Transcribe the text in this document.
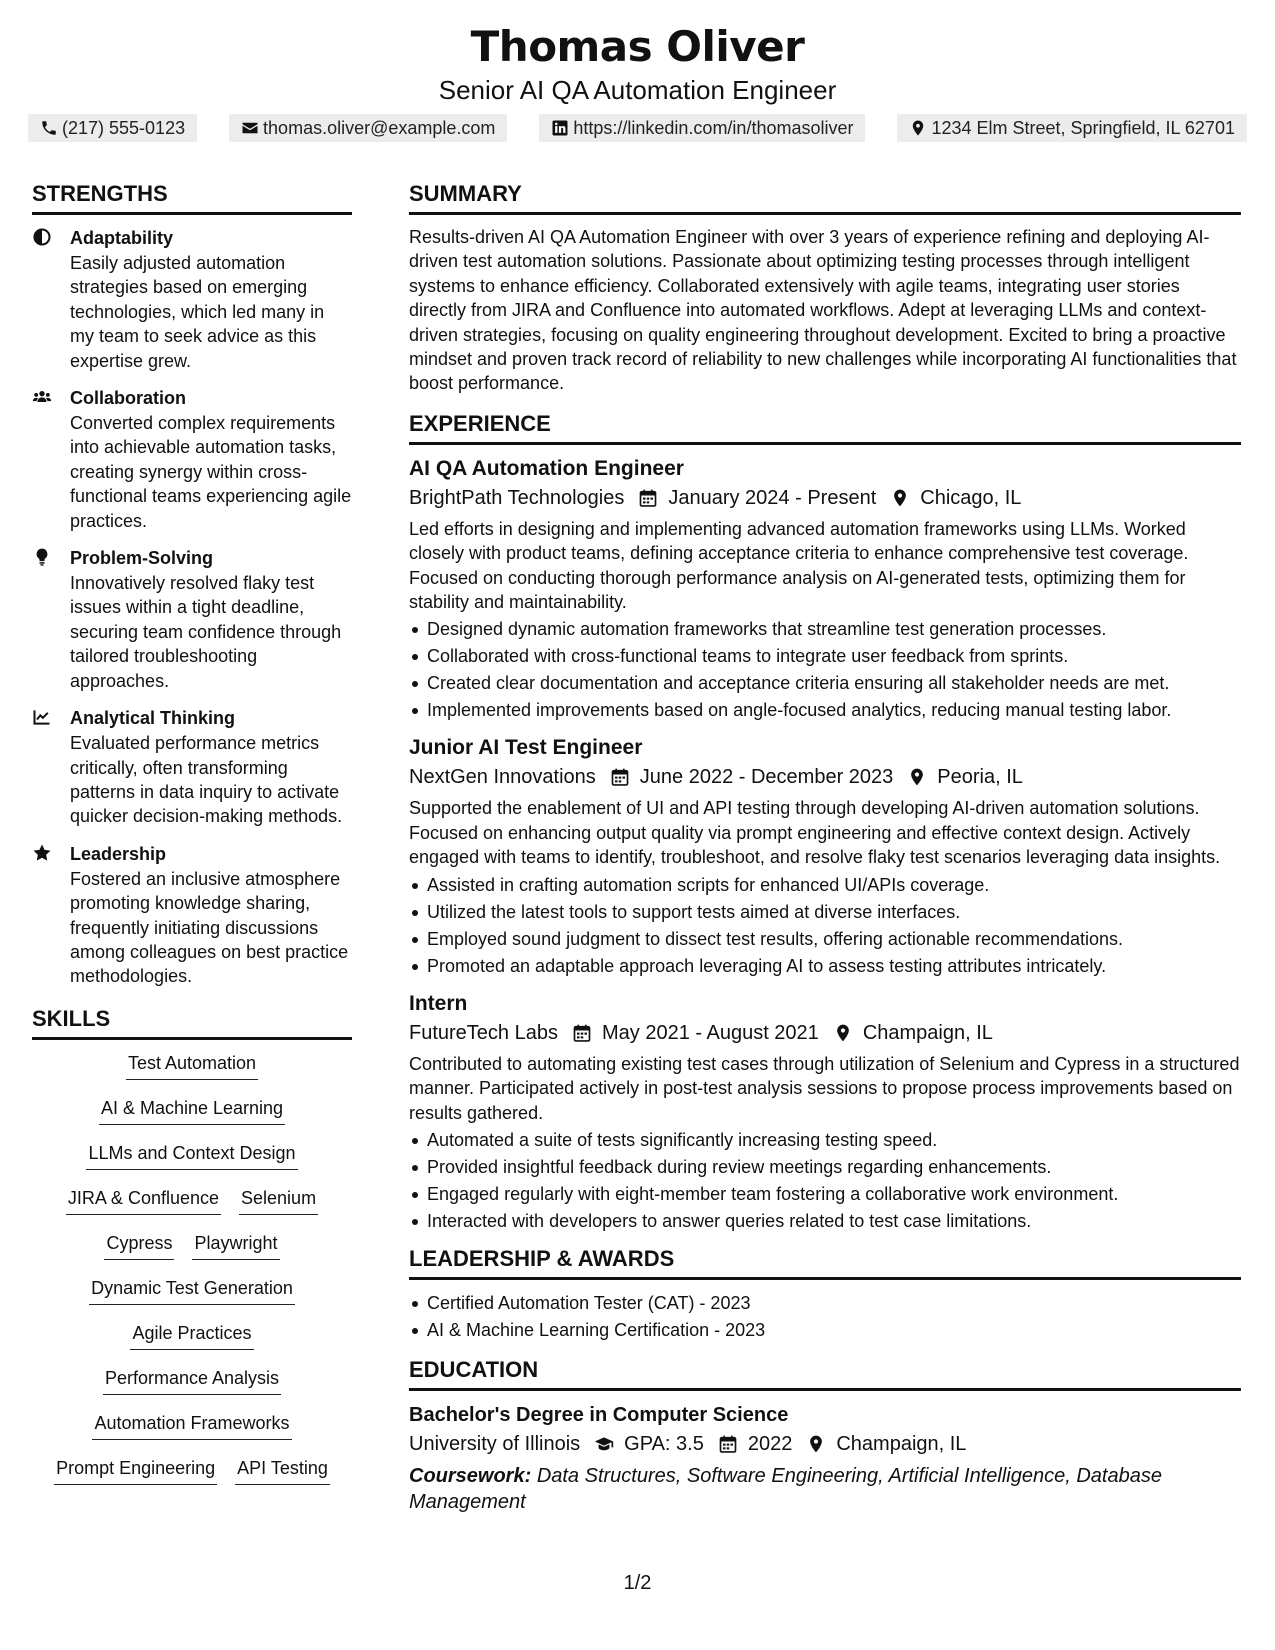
Thomas Oliver
Senior AI QA Automation Engineer
(217) 555-0123	thomas.oliver@example.com	https://linkedin.com/in/thomasoliver	1234 Elm Street, Springfield, IL 62701
STRENGTHS
Adaptability
Easily adjusted automation strategies based on emerging technologies, which led many in my team to seek advice as this expertise grew.
Collaboration
Converted complex requirements into achievable automation tasks, creating synergy within cross-functional teams experiencing agile practices.
Problem-Solving
Innovatively resolved flaky test issues within a tight deadline, securing team confidence through tailored troubleshooting approaches.
Analytical Thinking
Evaluated performance metrics critically, often transforming patterns in data inquiry to activate quicker decision-making methods.
Leadership
Fostered an inclusive atmosphere promoting knowledge sharing, frequently initiating discussions among colleagues on best practice methodologies.
SKILLS
Test Automation
AI & Machine Learning
LLMs and Context Design
JIRA & Confluence Selenium
Cypress Playwright
Dynamic Test Generation
Agile Practices
Performance Analysis
Automation Frameworks
Prompt Engineering API Testing
SUMMARY
Results-driven AI QA Automation Engineer with over 3 years of experience refining and deploying AI-driven test automation solutions. Passionate about optimizing testing processes through intelligent systems to enhance efficiency. Collaborated extensively with agile teams, integrating user stories directly from JIRA and Confluence into automated workflows. Adept at leveraging LLMs and context-driven strategies, focusing on quality engineering throughout development. Excited to bring a proactive mindset and proven track record of reliability to new challenges while incorporating AI functionalities that boost performance.
EXPERIENCE
AI QA Automation Engineer
BrightPath Technologies January 2024 - Present Chicago, IL
Led efforts in designing and implementing advanced automation frameworks using LLMs. Worked closely with product teams, defining acceptance criteria to enhance comprehensive test coverage. Focused on conducting thorough performance analysis on AI-generated tests, optimizing them for stability and maintainability.
Designed dynamic automation frameworks that streamline test generation processes.
Collaborated with cross-functional teams to integrate user feedback from sprints.
Created clear documentation and acceptance criteria ensuring all stakeholder needs are met.
Implemented improvements based on angle-focused analytics, reducing manual testing labor.
Junior AI Test Engineer
NextGen Innovations June 2022 - December 2023 Peoria, IL
Supported the enablement of UI and API testing through developing AI-driven automation solutions. Focused on enhancing output quality via prompt engineering and effective context design. Actively engaged with teams to identify, troubleshoot, and resolve flaky test scenarios leveraging data insights.
Assisted in crafting automation scripts for enhanced UI/APIs coverage.
Utilized the latest tools to support tests aimed at diverse interfaces.
Employed sound judgment to dissect test results, offering actionable recommendations.
Promoted an adaptable approach leveraging AI to assess testing attributes intricately.
Intern
FutureTech Labs May 2021 - August 2021 Champaign, IL
Contributed to automating existing test cases through utilization of Selenium and Cypress in a structured manner. Participated actively in post-test analysis sessions to propose process improvements based on results gathered.
Automated a suite of tests significantly increasing testing speed.
Provided insightful feedback during review meetings regarding enhancements.
Engaged regularly with eight-member team fostering a collaborative work environment.
Interacted with developers to answer queries related to test case limitations.
LEADERSHIP & AWARDS
Certified Automation Tester (CAT) - 2023
AI & Machine Learning Certification - 2023
EDUCATION
Bachelor's Degree in Computer Science
University of Illinois GPA: 3.5 2022 Champaign, IL
Coursework: Data Structures, Software Engineering, Artificial Intelligence, Database Management
1/2
